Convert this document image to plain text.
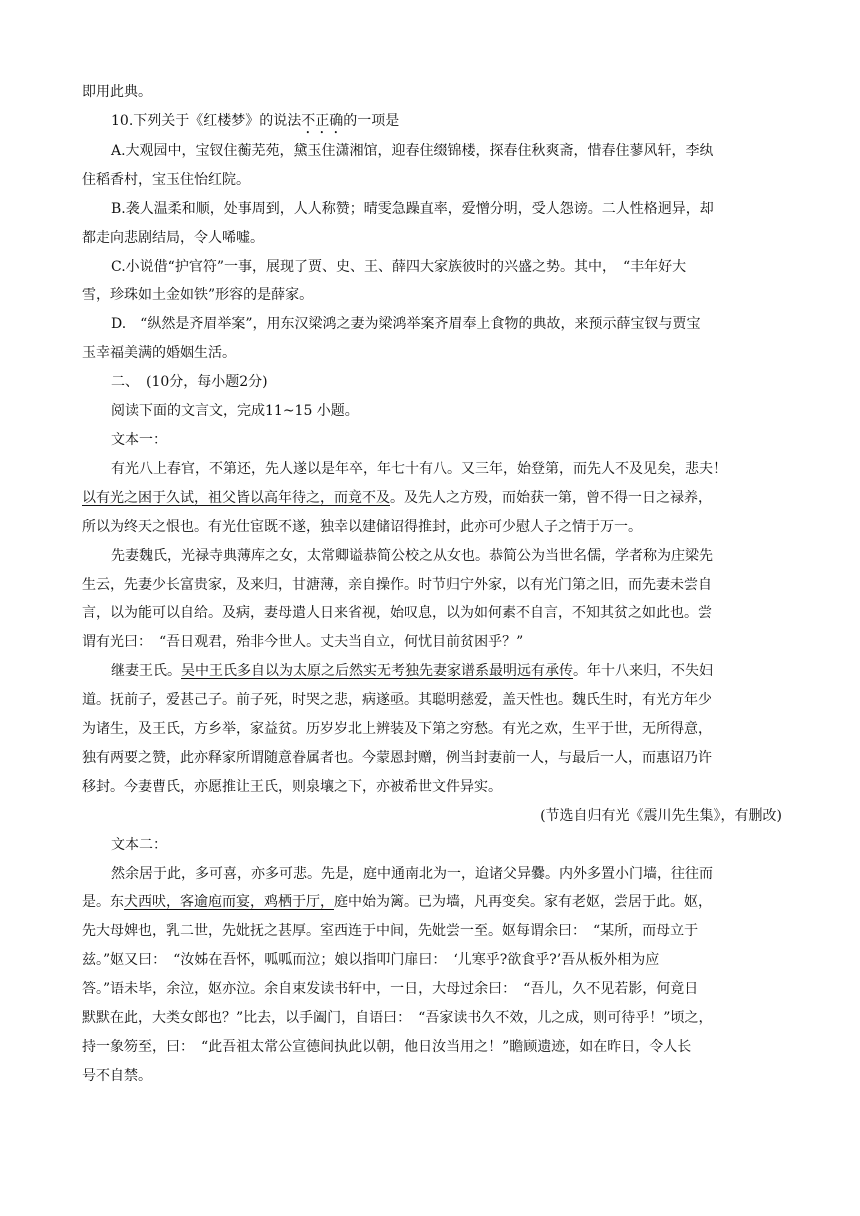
即用此典。

10.下列关于《红楼梦》的说法不正确的一项是

A.大观园中，宝钗住蘅芜苑，黛玉住潇湘馆，迎春住缀锦楼，探春住秋爽斋，惜春住蓼风轩，李纨
住稻香村，宝玉住怡红院。

B.袭人温柔和顺，处事周到，人人称赞；晴雯急躁直率，爱憎分明，受人怨谤。二人性格迥异，却
都走向悲剧结局，令人唏嘘。

C.小说借“护官符”一事，展现了贾、史、王、薛四大家族彼时的兴盛之势。其中，　“丰年好大
雪，珍珠如土金如铁”形容的是薛家。

D.　“纵然是齐眉举案”，用东汉梁鸿之妻为梁鸿举案齐眉奉上食物的典故，来预示薛宝钗与贾宝
玉幸福美满的婚姻生活。

二、　(10分，每小题2分)

阅读下面的文言文，完成11~15 小题。

文本一：

有光八上春官，不第还，先人遂以是年卒，年七十有八。又三年，始登第，而先人不及见矣，悲夫！
以有光之困于久试，祖父皆以高年待之，而竟不及。及先人之方殁，而始获一第，曾不得一日之禄养，
所以为终天之恨也。有光仕宦既不遂，独幸以建储诏得推封，此亦可少慰人子之情于万一。

先妻魏氏，光禄寺典薄库之女，太常卿谥恭简公校之从女也。恭简公为当世名儒，学者称为庄梁先
生云，先妻少长富贵家，及来归，甘溏薄，亲自操作。时节归宁外家，以有光门第之旧，而先妻未尝自
言，以为能可以自给。及病，妻母遣人日来省视，始叹息，以为如何素不自言，不知其贫之如此也。尝
谓有光曰：　“吾日观君，殆非今世人。丈夫当自立，何忧目前贫困乎？”

继妻王氏。吴中王氏多自以为太原之后然实无考独先妻家谱系最明远有承传。年十八来归，不失妇
道。抚前子，爱甚己子。前子死，时哭之悲，病遂亟。其聪明慈爱，盖天性也。魏氏生时，有光方年少
为诸生，及王氏，方乡举，家益贫。历岁岁北上辨装及下第之穷愁。有光之欢，生平于世，无所得意，
独有两要之赞，此亦释家所谓随意眷属者也。今蒙恩封赠，例当封妻前一人，与最后一人，而惠诏乃许
移封。今妻曹氏，亦愿推让王氏，则泉壤之下，亦被希世文件异实。

(节选自归有光《震川先生集》，有删改)

文本二：

然余居于此，多可喜，亦多可悲。先是，庭中通南北为一，迨诸父异爨。内外多置小门墙，往往而
是。东犬西吠，客逾庖而宴，鸡栖于厅，庭中始为篱。已为墙，凡再变矣。家有老妪，尝居于此。妪，
先大母婢也，乳二世，先妣抚之甚厚。室西连于中间，先妣尝一至。妪每谓余曰：　“某所，而母立于
兹。”妪又曰：　“汝姊在吾怀，呱呱而泣；娘以指叩门扉曰：　‘儿寒乎?欲食乎?’吾从板外相为应
答。”语未毕，余泣，妪亦泣。余自束发读书轩中，一日，大母过余曰：　“吾儿，久不见若影，何竟日
默默在此，大类女郎也？”比去，以手阖门，自语曰：　“吾家读书久不效，儿之成，则可待乎！”顷之，
持一象笏至，曰：　“此吾祖太常公宣德间执此以朝，他日汝当用之！”瞻顾遗迹，如在昨日，令人长
号不自禁。
